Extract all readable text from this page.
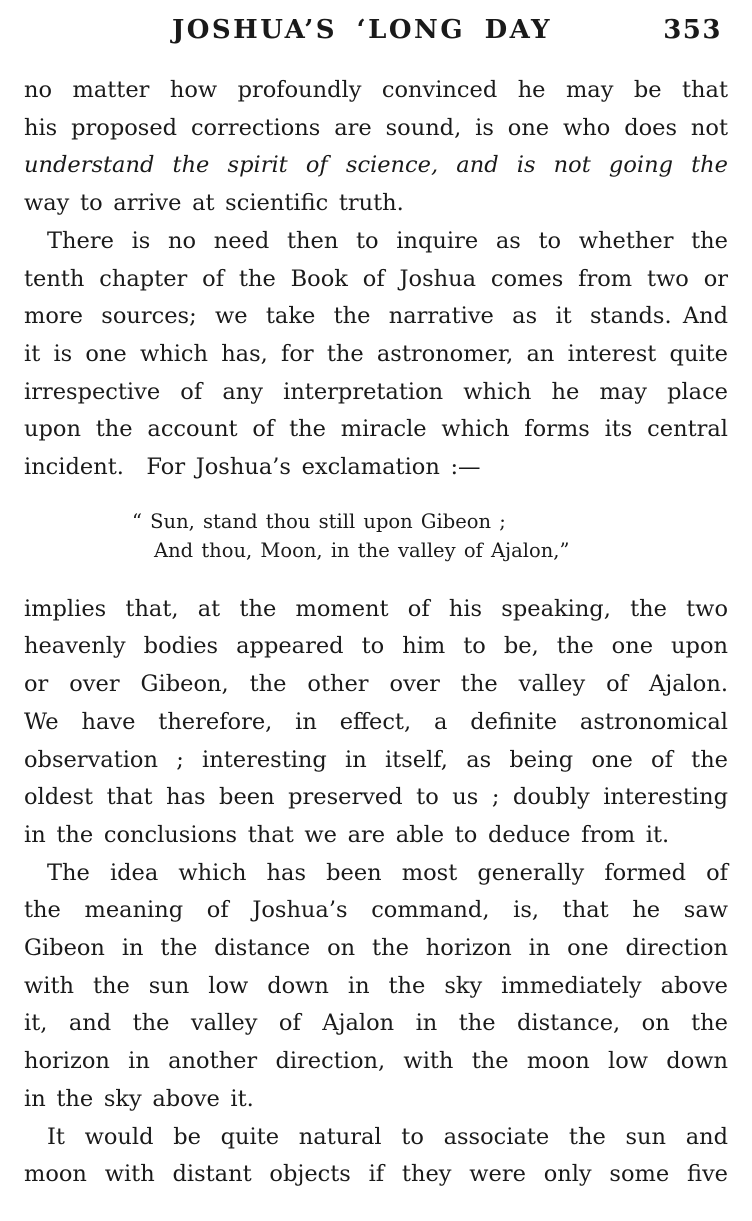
JOSHUA’S ‘LONG DAY	353
no matter how profoundly convinced he may be that
his proposed corrections are sound, is one who does not
understand the spirit of science, and is not going the
way to arrive at scientific truth.
There is no need then to inquire as to whether the
tenth chapter of the Book of Joshua comes from two or
more sources; we take the narrative as it stands. And
it is one which has, for the astronomer, an interest quite
irrespective of any interpretation which he may place
upon the account of the miracle which forms its central
incident. For Joshua’s exclamation :—
“ Sun, stand thou still upon Gibeon ;
And thou, Moon, in the valley of Ajalon,”
implies that, at the moment of his speaking, the two
heavenly bodies appeared to him to be, the one upon
or over Gibeon, the other over the valley of Ajalon.
We have therefore, in effect, a definite astronomical
observation ; interesting in itself, as being one of the
oldest that has been preserved to us ; doubly interesting
in the conclusions that we are able to deduce from it.
The idea which has been most generally formed of
the meaning of Joshua’s command, is, that he saw
Gibeon in the distance on the horizon in one direction
with the sun low down in the sky immediately above
it, and the valley of Ajalon in the distance, on the
horizon in another direction, with the moon low down
in the sky above it.
It would be quite natural to associate the sun and
moon with distant objects if they were only some five
